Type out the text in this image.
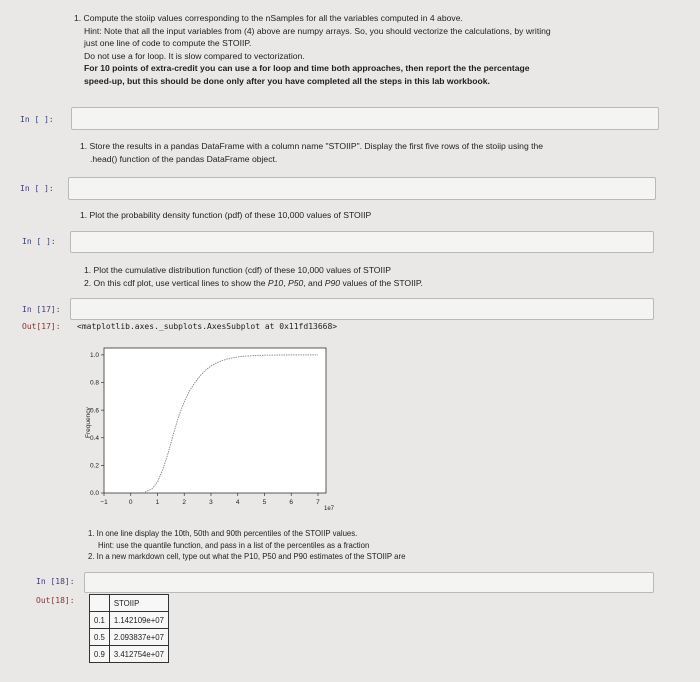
1. Compute the stoiip values corresponding to the nSamples for all the variables computed in 4 above.

Hint: Note that all the input variables from (4) above are numpy arrays. So, you should vectorize the calculations, by writing

just one line of code to compute the STOIIP.

Do not use a for loop. It is slow compared to vectorization.

For 10 points of extra-credit you can use a for loop and time both approaches, then report the the percentage

speed-up, but this should be done only after you have completed all the steps in this lab workbook.

In [ ]:

1. Store the results in a pandas DataFrame with a column name "STOIIP". Display the first five rows of the stoiip using the

.head() function of the pandas DataFrame object.

In [ ]:

1. Plot the probability density function (pdf) of these 10,000 values of STOIIP

In [ ]:

1. Plot the cumulative distribution function (cdf) of these 10,000 values of STOIIP

2. On this cdf plot, use vertical lines to show the P10, P50, and P90 values of the STOIIP.

In [17]:
Out[17]: <matplotlib.axes._subplots.AxesSubplot at 0x11fd13668>
Frequency
1e7
−1	0	1	2	3	4	5	6	7
0.0
0.2
0.4
0.6
0.8
1.0

1. In one line display the 10th, 50th and 90th percentiles of the STOIIP values.

Hint: use the quantile function, and pass in a list of the percentiles as a fraction

2. In a new markdown cell, type out what the P10, P50 and P90 estimates of the STOIIP are

In [18]:
Out[18]:
		STOIIP
0.1	1.142109e+07
0.5	2.093837e+07
0.9	3.412754e+07
